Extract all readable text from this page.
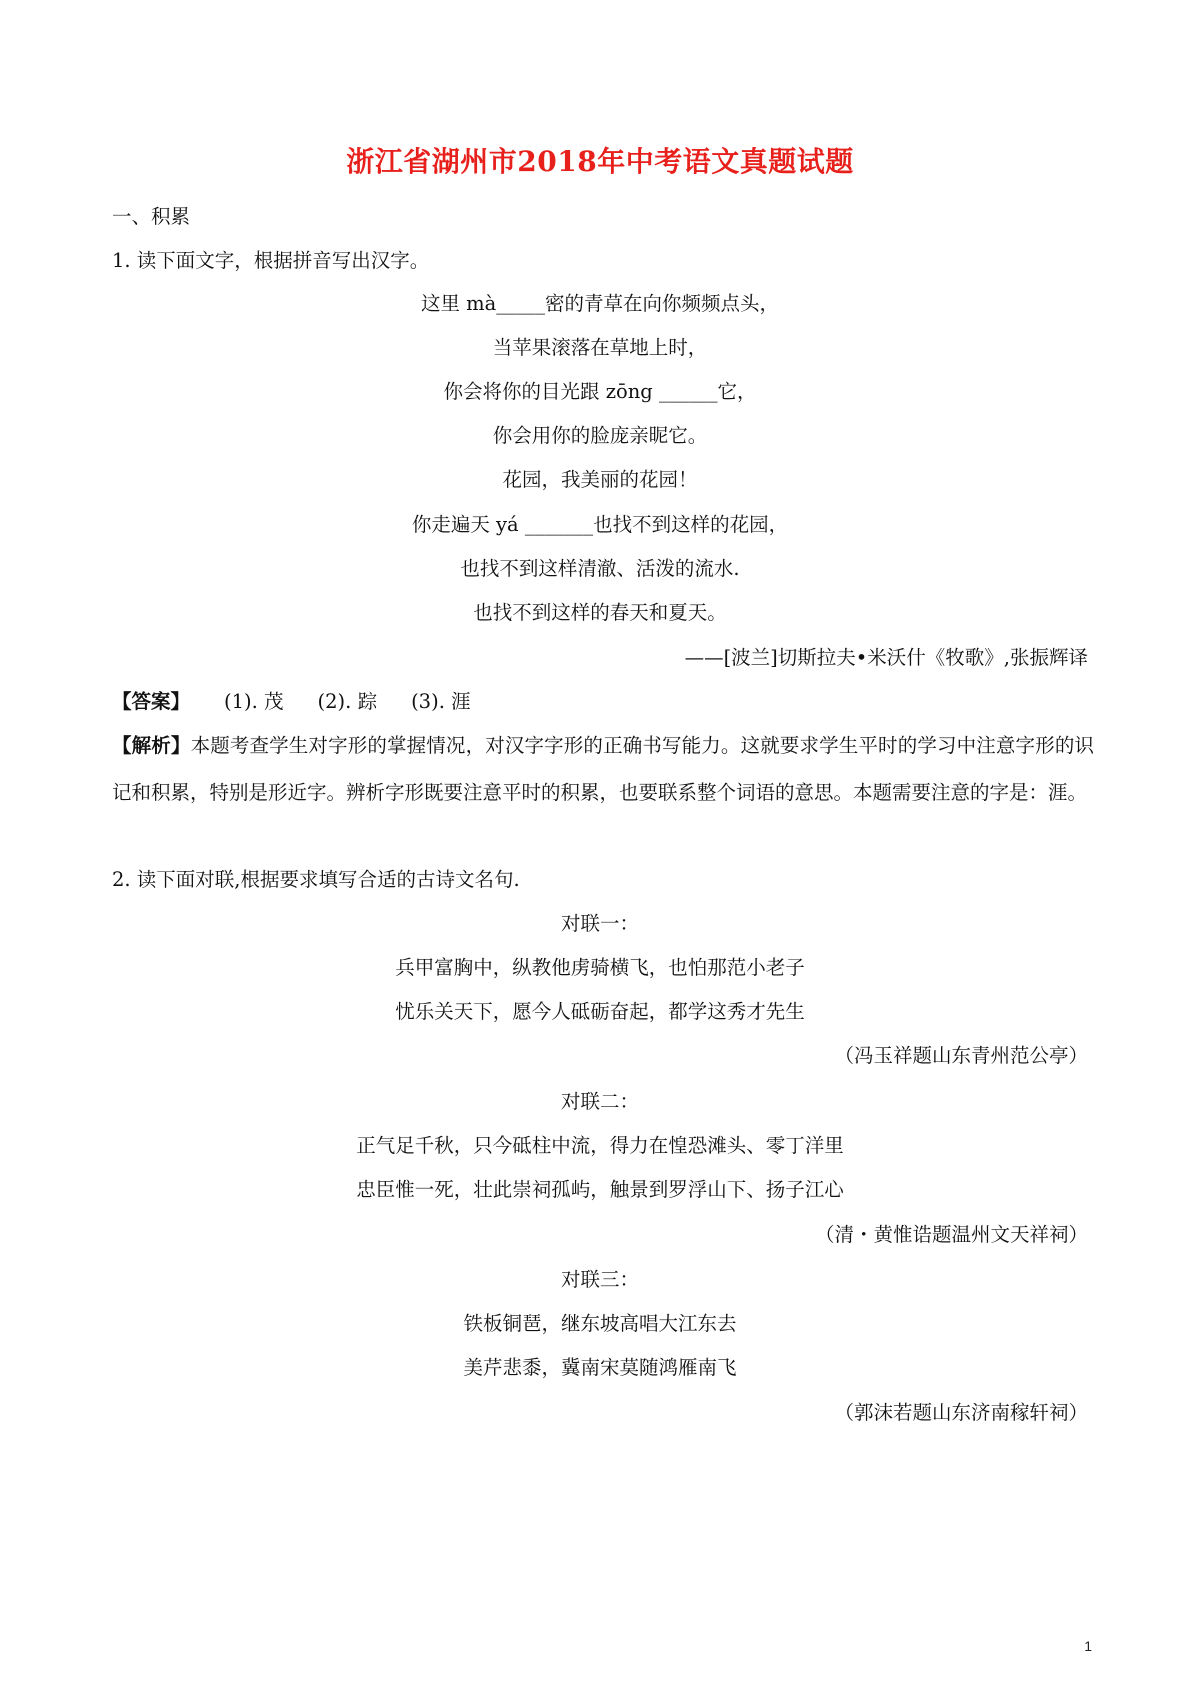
浙江省湖州市2018年中考语文真题试题
一、积累
1. 读下面文字，根据拼音写出汉字。
这里 mà_____密的青草在向你频频点头，
当苹果滚落在草地上时，
你会将你的目光跟 zōng ______它，
你会用你的脸庞亲昵它。
花园，我美丽的花园！
你走遍天 yá _______也找不到这样的花园，
也找不到这样清澈、活泼的流水.
也找不到这样的春天和夏天。
——[波兰]切斯拉夫•米沃什《牧歌》,张振辉译
【答案】 (1). 茂 (2). 踪 (3). 涯
【解析】本题考查学生对字形的掌握情况，对汉字字形的正确书写能力。这就要求学生平时的学习中注意字形的识记和积累，特别是形近字。辨析字形既要注意平时的积累，也要联系整个词语的意思。本题需要注意的字是：涯。
2. 读下面对联,根据要求填写合适的古诗文名句.
对联一：
兵甲富胸中，纵教他虏骑横飞，也怕那范小老子
忧乐关天下，愿今人砥砺奋起，都学这秀才先生
（冯玉祥题山东青州范公亭）
对联二：
正气足千秋，只今砥柱中流，得力在惶恐滩头、零丁洋里
忠臣惟一死，壮此崇祠孤屿，触景到罗浮山下、扬子江心
（清・黄惟诰题温州文天祥祠）
对联三：
铁板铜琶，继东坡高唱大江东去
美芹悲黍，冀南宋莫随鸿雁南飞
（郭沫若题山东济南稼轩祠）
1
